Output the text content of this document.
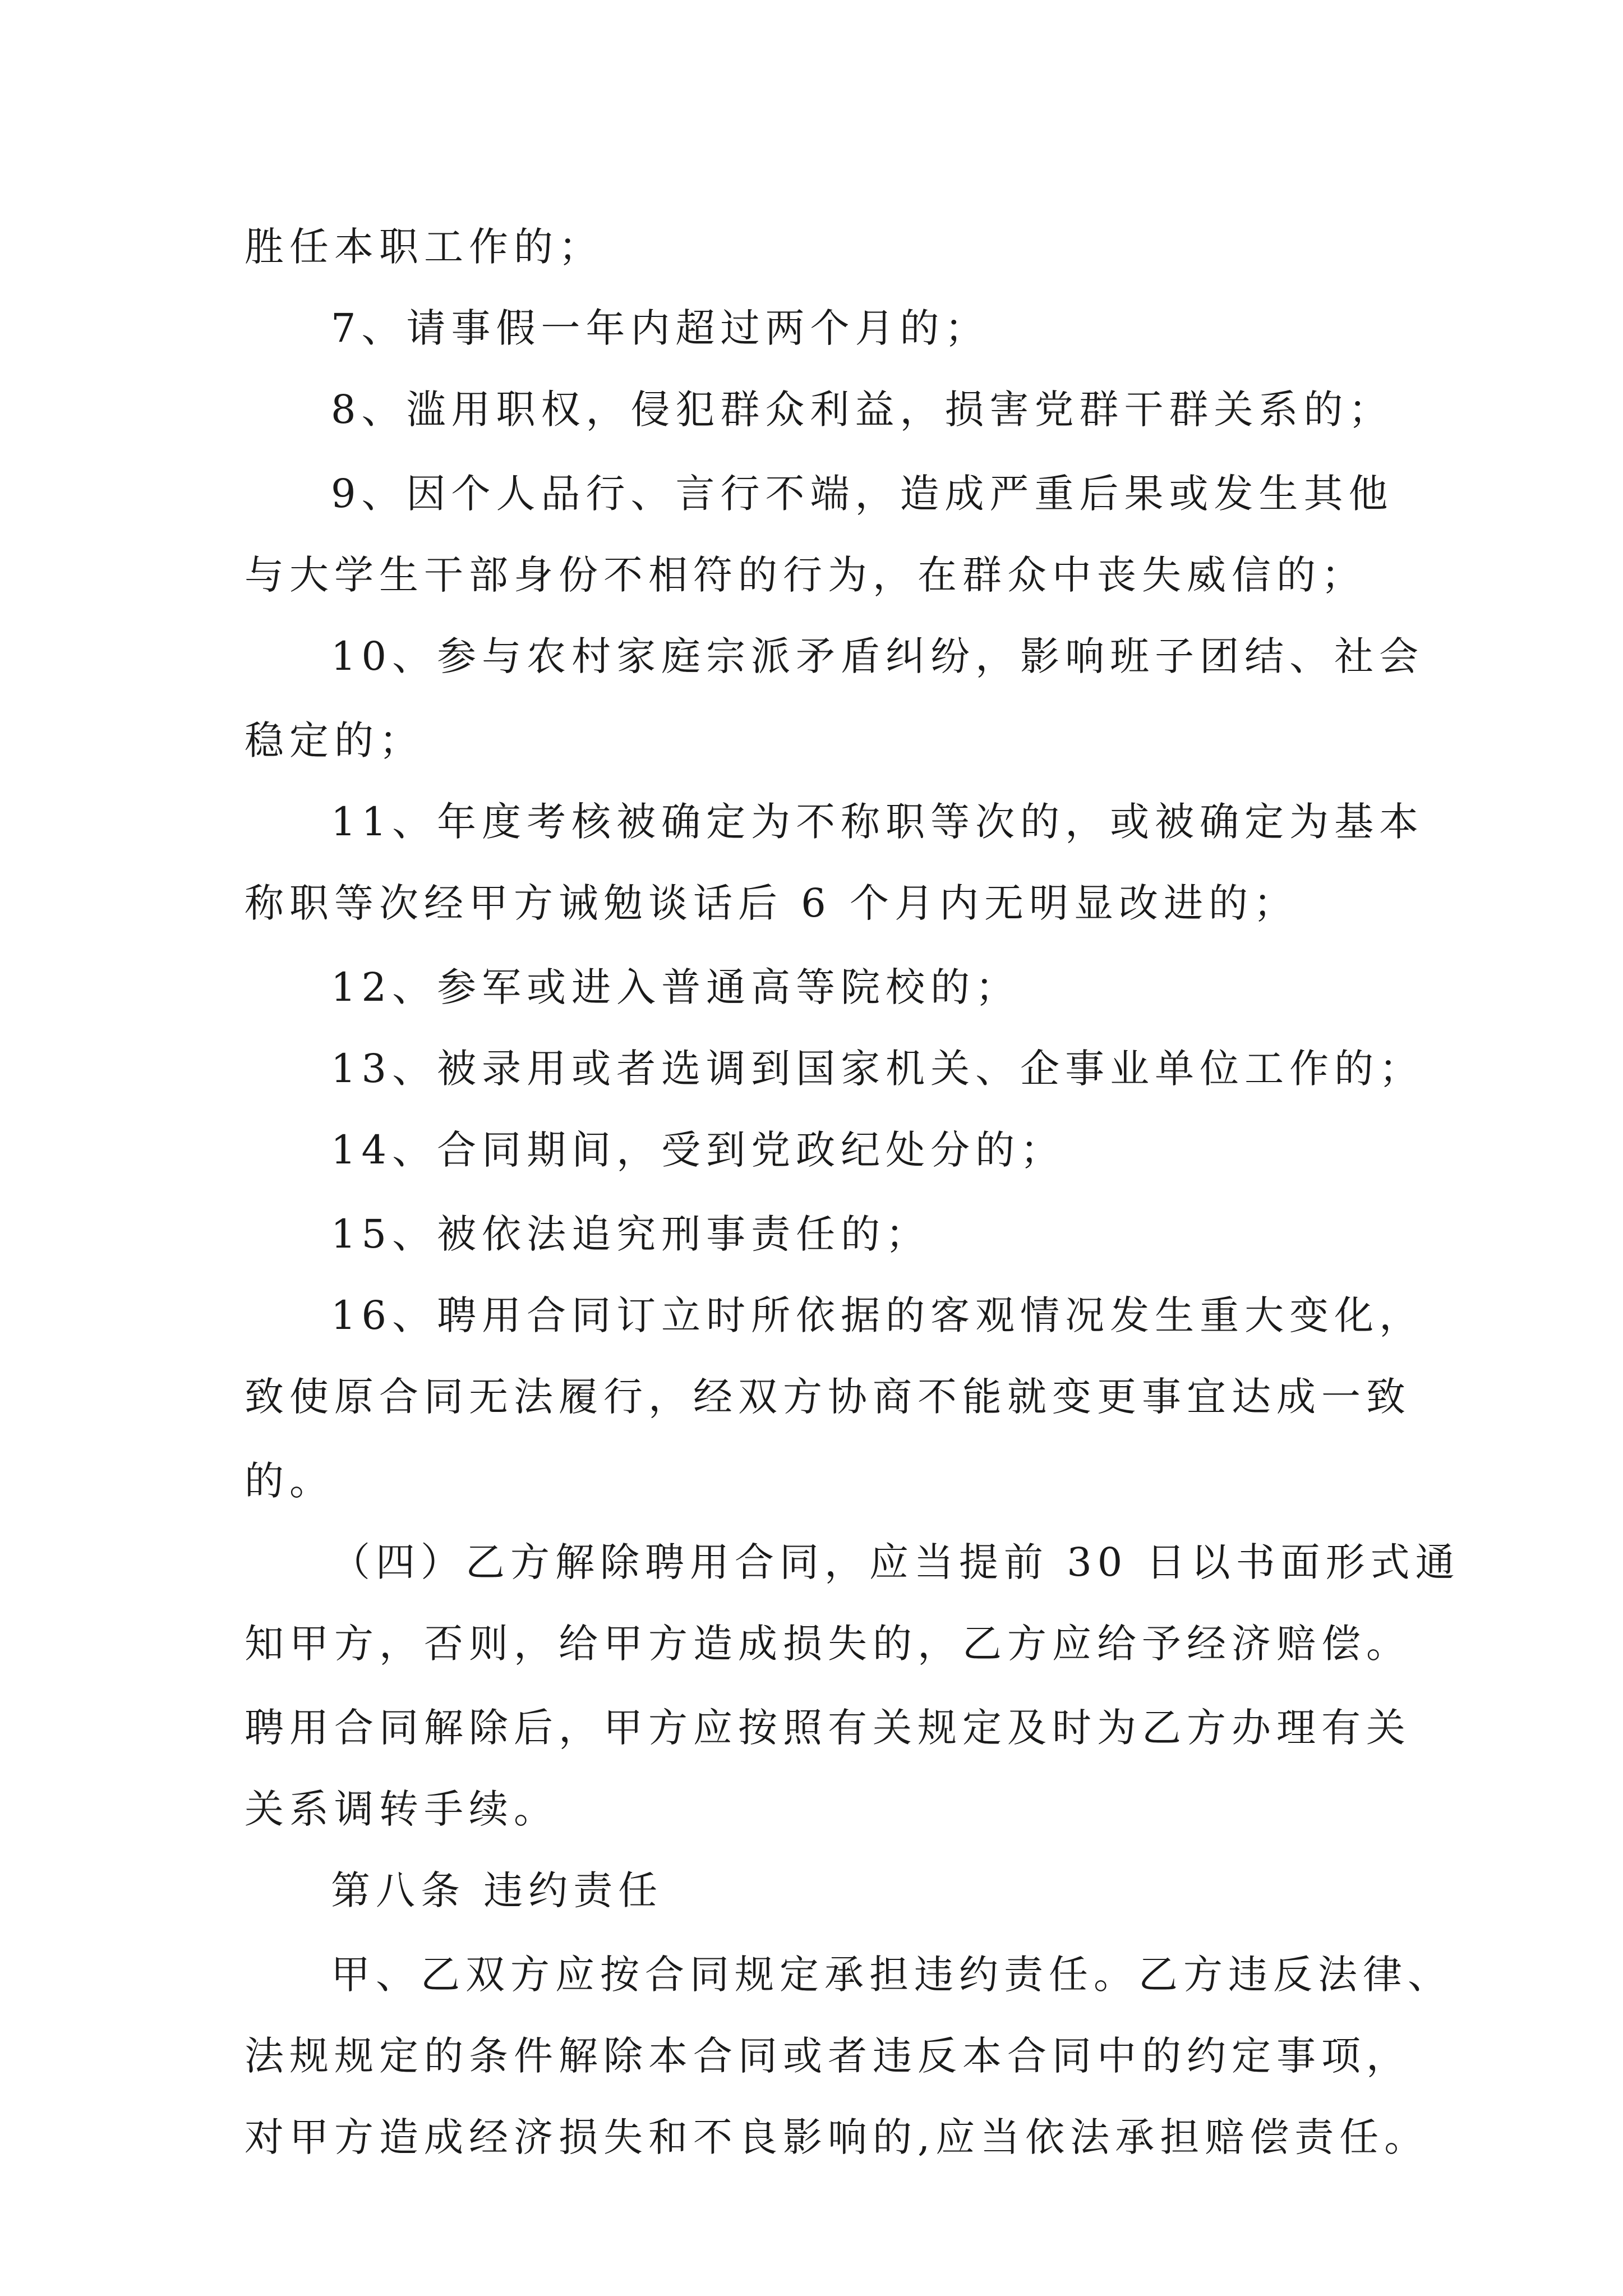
胜任本职工作的；
7、请事假一年内超过两个月的；
8、滥用职权，侵犯群众利益，损害党群干群关系的；
9、因个人品行、言行不端，造成严重后果或发生其他
与大学生干部身份不相符的行为，在群众中丧失威信的；
10、参与农村家庭宗派矛盾纠纷，影响班子团结、社会
稳定的；
11、年度考核被确定为不称职等次的，或被确定为基本
称职等次经甲方诫勉谈话后 6 个月内无明显改进的；
12、参军或进入普通高等院校的；
13、被录用或者选调到国家机关、企事业单位工作的；
14、合同期间，受到党政纪处分的；
15、被依法追究刑事责任的；
16、聘用合同订立时所依据的客观情况发生重大变化，
致使原合同无法履行，经双方协商不能就变更事宜达成一致
的。
（四）乙方解除聘用合同，应当提前 30 日以书面形式通
知甲方，否则，给甲方造成损失的，乙方应给予经济赔偿。
聘用合同解除后，甲方应按照有关规定及时为乙方办理有关
关系调转手续。
第八条 违约责任
甲、乙双方应按合同规定承担违约责任。乙方违反法律、
法规规定的条件解除本合同或者违反本合同中的约定事项，
对甲方造成经济损失和不良影响的,应当依法承担赔偿责任。
